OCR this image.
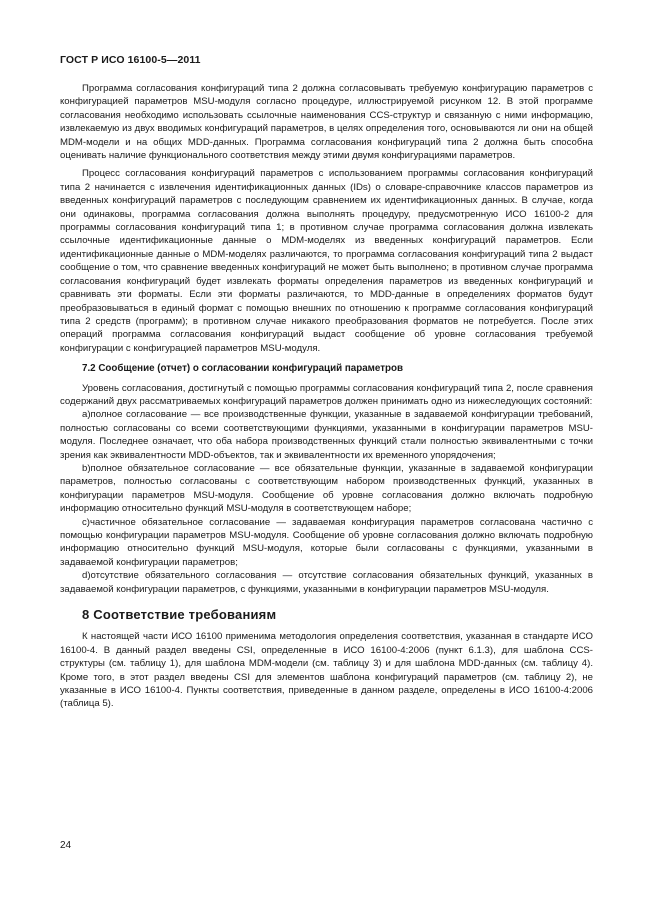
ГОСТ Р ИСО 16100-5—2011

Программа согласования конфигураций типа 2 должна согласовывать требуемую конфигурацию параметров с конфигурацией параметров MSU-модуля согласно процедуре, иллюстрируемой рисунком 12. В этой программе согласования необходимо использовать ссылочные наименования CCS-структур и связанную с ними информацию, извлекаемую из двух вводимых конфигураций параметров, в целях определения того, основываются ли они на общей MDM-модели и на общих MDD-данных. Программа согласования конфигураций типа 2 должна быть способна оценивать наличие функционального соответствия между этими двумя конфигурациями параметров.

Процесс согласования конфигураций параметров с использованием программы согласования конфигураций типа 2 начинается с извлечения идентификационных данных (IDs) о словаре-справочнике классов параметров из введенных конфигураций параметров с последующим сравнением их идентификационных данных. В случае, когда они одинаковы, программа согласования должна выполнять процедуру, предусмотренную ИСО 16100-2 для программы согласования конфигураций типа 1; в противном случае программа согласования должна извлекать ссылочные идентификационные данные о MDM-моделях из введенных конфигураций параметров. Если идентификационные данные о MDM-моделях различаются, то программа согласования конфигураций типа 2 выдаст сообщение о том, что сравнение введенных конфигураций не может быть выполнено; в противном случае программа согласования конфигураций будет извлекать форматы определения параметров из введенных конфигураций и сравнивать эти форматы. Если эти форматы различаются, то MDD-данные в определениях форматов будут преобразовываться в единый формат с помощью внешних по отношению к программе согласования конфигураций типа 2 средств (программ); в противном случае никакого преобразования форматов не потребуется. После этих операций программа согласования конфигураций выдаст сообщение об уровне согласования требуемой конфигурации с конфигурацией параметров MSU-модуля.

7.2 Сообщение (отчет) о согласовании конфигураций параметров

Уровень согласования, достигнутый с помощью программы согласования конфигураций типа 2, после сравнения содержаний двух рассматриваемых конфигураций параметров должен принимать одно из нижеследующих состояний:

a)полное согласование — все производственные функции, указанные в задаваемой конфигурации требований, полностью согласованы со всеми соответствующими функциями, указанными в конфигурации параметров MSU-модуля. Последнее означает, что оба набора производственных функций стали полностью эквивалентными с точки зрения как эквивалентности MDD-объектов, так и эквивалентности их временного упорядочения;

b)полное обязательное согласование — все обязательные функции, указанные в задаваемой конфигурации параметров, полностью согласованы с соответствующим набором производственных функций, указанных в конфигурации параметров MSU-модуля. Сообщение об уровне согласования должно включать подробную информацию относительно функций MSU-модуля в соответствующем наборе;

c)частичное обязательное согласование — задаваемая конфигурация параметров согласована частично с помощью конфигурации параметров MSU-модуля. Сообщение об уровне согласования должно включать подробную информацию относительно функций MSU-модуля, которые были согласованы с функциями, указанными в задаваемой конфигурации параметров;

d)отсутствие обязательного согласования — отсутствие согласования обязательных функций, указанных в задаваемой конфигурации параметров, с функциями, указанными в конфигурации параметров MSU-модуля.

8 Соответствие требованиям

К настоящей части ИСО 16100 применима методология определения соответствия, указанная в стандарте ИСО 16100-4. В данный раздел введены CSI, определенные в ИСО 16100-4:2006 (пункт 6.1.3), для шаблона CCS-структуры (см. таблицу 1), для шаблона MDM-модели (см. таблицу 3) и для шаблона MDD-данных (см. таблицу 4). Кроме того, в этот раздел введены CSI для элементов шаблона конфигураций параметров (см. таблицу 2), не указанные в ИСО 16100-4. Пункты соответствия, приведенные в данном разделе, определены в ИСО 16100-4:2006 (таблица 5).

24
